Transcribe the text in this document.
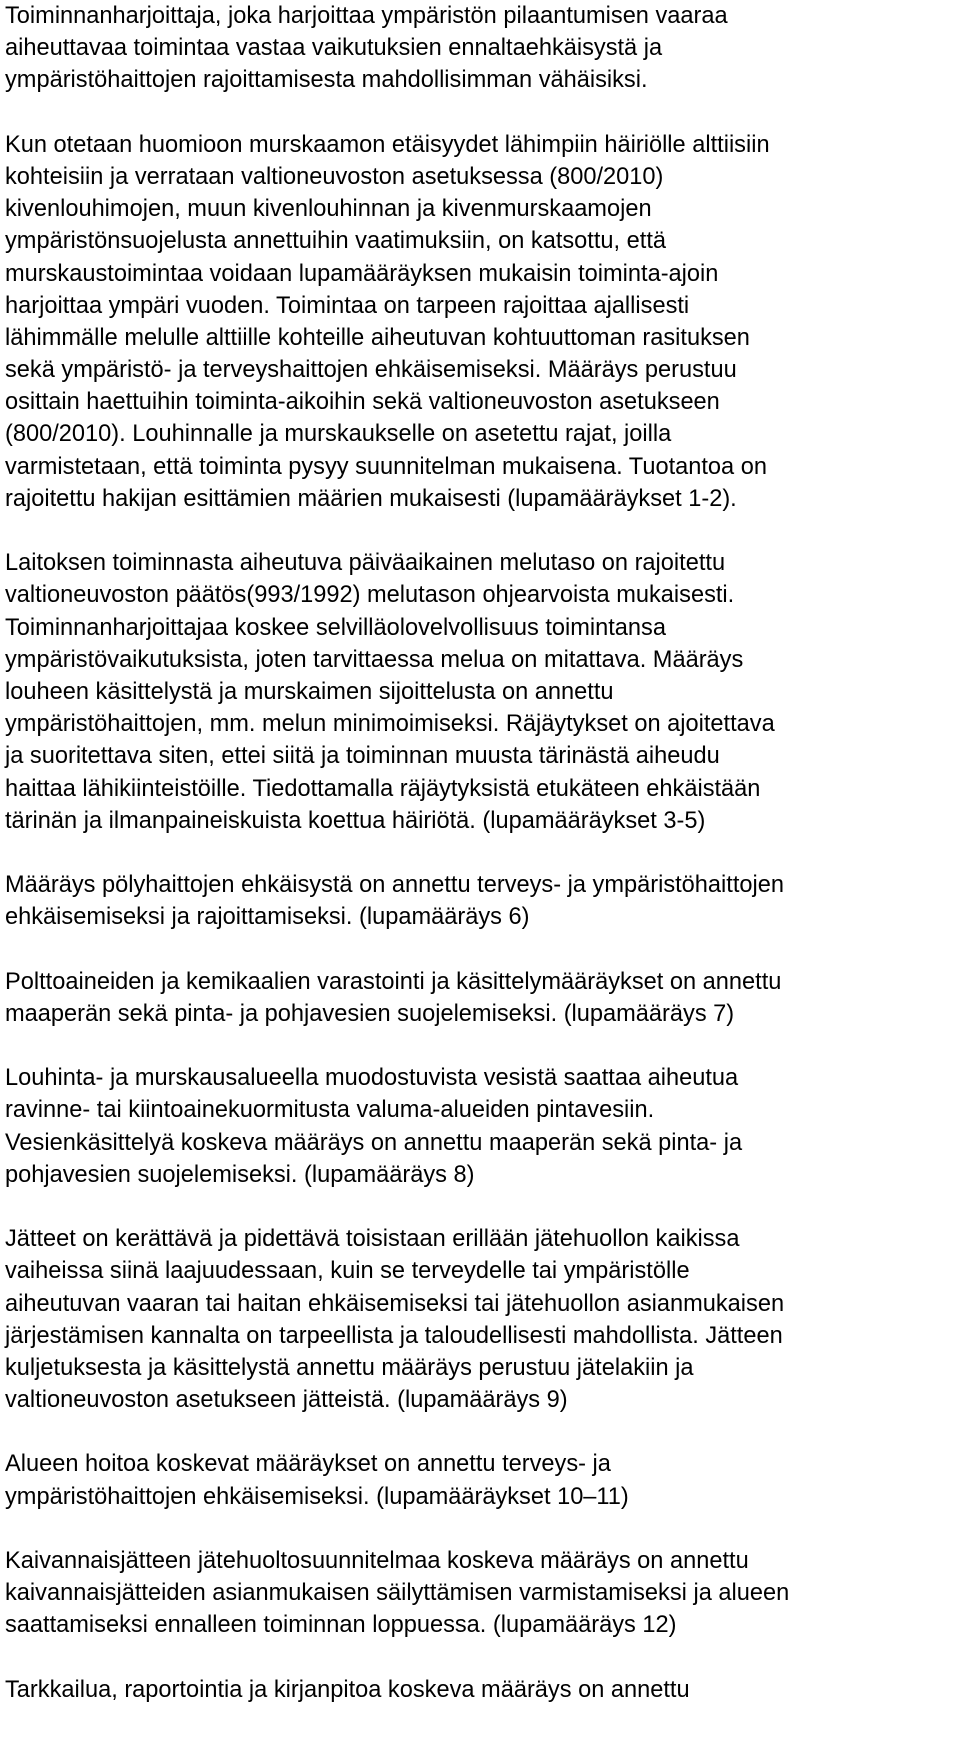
Toiminnanharjoittaja, joka harjoittaa ympäristön pilaantumisen vaaraa
aiheuttavaa toimintaa vastaa vaikutuksien ennaltaehkäisystä ja
ympäristöhaittojen rajoittamisesta mahdollisimman vähäisiksi.

Kun otetaan huomioon murskaamon etäisyydet lähimpiin häiriölle alttiisiin
kohteisiin ja verrataan valtioneuvoston asetuksessa (800/2010)
kivenlouhimojen, muun kivenlouhinnan ja kivenmurskaamojen
ympäristönsuojelusta annettuihin vaatimuksiin, on katsottu, että
murskaustoimintaa voidaan lupamääräyksen mukaisin toiminta-ajoin
harjoittaa ympäri vuoden. Toimintaa on tarpeen rajoittaa ajallisesti
lähimmälle melulle alttiille kohteille aiheutuvan kohtuuttoman rasituksen
sekä ympäristö- ja terveyshaittojen ehkäisemiseksi. Määräys perustuu
osittain haettuihin toiminta-aikoihin sekä valtioneuvoston asetukseen
(800/2010). Louhinnalle ja murskaukselle on asetettu rajat, joilla
varmistetaan, että toiminta pysyy suunnitelman mukaisena. Tuotantoa on
rajoitettu hakijan esittämien määrien mukaisesti (lupamääräykset 1-2).

Laitoksen toiminnasta aiheutuva päiväaikainen melutaso on rajoitettu
valtioneuvoston päätös(993/1992) melutason ohjearvoista mukaisesti.
Toiminnanharjoittajaa koskee selvilläolovelvollisuus toimintansa
ympäristövaikutuksista, joten tarvittaessa melua on mitattava. Määräys
louheen käsittelystä ja murskaimen sijoittelusta on annettu
ympäristöhaittojen, mm. melun minimoimiseksi. Räjäytykset on ajoitettava
ja suoritettava siten, ettei siitä ja toiminnan muusta tärinästä aiheudu
haittaa lähikiinteistöille. Tiedottamalla räjäytyksistä etukäteen ehkäistään
tärinän ja ilmanpaineiskuista koettua häiriötä. (lupamääräykset 3-5)

Määräys pölyhaittojen ehkäisystä on annettu terveys- ja ympäristöhaittojen
ehkäisemiseksi ja rajoittamiseksi. (lupamääräys 6)

Polttoaineiden ja kemikaalien varastointi ja käsittelymääräykset on annettu
maaperän sekä pinta- ja pohjavesien suojelemiseksi. (lupamääräys 7)

Louhinta- ja murskausalueella muodostuvista vesistä saattaa aiheutua
ravinne- tai kiintoainekuormitusta valuma-alueiden pintavesiin.
Vesienkäsittelyä koskeva määräys on annettu maaperän sekä pinta- ja
pohjavesien suojelemiseksi. (lupamääräys 8)

Jätteet on kerättävä ja pidettävä toisistaan erillään jätehuollon kaikissa
vaiheissa siinä laajuudessaan, kuin se terveydelle tai ympäristölle
aiheutuvan vaaran tai haitan ehkäisemiseksi tai jätehuollon asianmukaisen
järjestämisen kannalta on tarpeellista ja taloudellisesti mahdollista. Jätteen
kuljetuksesta ja käsittelystä annettu määräys perustuu jätelakiin ja
valtioneuvoston asetukseen jätteistä. (lupamääräys 9)

Alueen hoitoa koskevat määräykset on annettu terveys- ja
ympäristöhaittojen ehkäisemiseksi. (lupamääräykset 10–11)

Kaivannaisjätteen jätehuoltosuunnitelmaa koskeva määräys on annettu
kaivannaisjätteiden asianmukaisen säilyttämisen varmistamiseksi ja alueen
saattamiseksi ennalleen toiminnan loppuessa. (lupamääräys 12)

Tarkkailua, raportointia ja kirjanpitoa koskeva määräys on annettu
